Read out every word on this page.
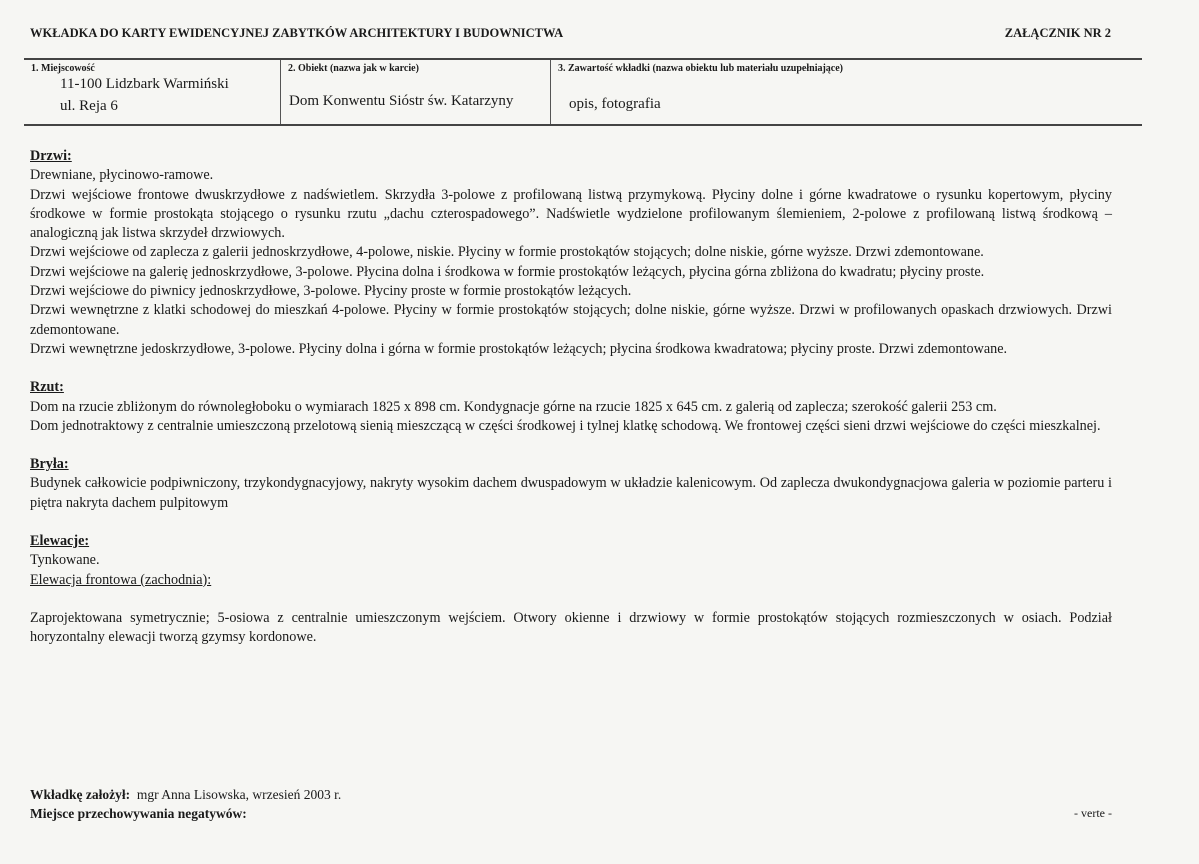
WKŁADKA DO KARTY EWIDENCYJNEJ ZABYTKÓW ARCHITEKTURY I BUDOWNICTWA	ZAŁĄCZNIK NR 2
1. Miejscowość
11-100 Lidzbark Warmiński
ul. Reja 6
2. Obiekt (nazwa jak w karcie)
Dom Konwentu Sióstr św. Katarzyny
3. Zawartość wkładki (nazwa obiektu lub materiału uzupełniające)
opis, fotografia

Drzwi:

Drewniane, płycinowo-ramowe.

Drzwi wejściowe frontowe dwuskrzydłowe z nadświetlem. Skrzydła 3-polowe z profilowaną listwą przymykową. Płyciny dolne i górne kwadratowe o rysunku kopertowym, płyciny środkowe w formie prostokąta stojącego o rysunku rzutu „dachu czterospadowego”. Nadświetle wydzielone profilowanym ślemieniem, 2-polowe z profilowaną listwą środkową – analogiczną jak listwa skrzydeł drzwiowych.

Drzwi wejściowe od zaplecza z galerii jednoskrzydłowe, 4-polowe, niskie. Płyciny w formie prostokątów stojących; dolne niskie, górne wyższe. Drzwi zdemontowane.

Drzwi wejściowe na galerię jednoskrzydłowe, 3-polowe. Płycina dolna i środkowa w formie prostokątów leżących, płycina górna zbliżona do kwadratu; płyciny proste.

Drzwi wejściowe do piwnicy jednoskrzydłowe, 3-polowe. Płyciny proste w formie prostokątów leżących.

Drzwi wewnętrzne z klatki schodowej do mieszkań 4-polowe. Płyciny w formie prostokątów stojących; dolne niskie, górne wyższe. Drzwi w profilowanych opaskach drzwiowych. Drzwi zdemontowane.

Drzwi wewnętrzne jedoskrzydłowe, 3-polowe. Płyciny dolna i górna w formie prostokątów leżących; płycina środkowa kwadratowa; płyciny proste. Drzwi zdemontowane.

Rzut:

Dom na rzucie zbliżonym do równoległoboku o wymiarach 1825 x 898 cm. Kondygnacje górne na rzucie 1825 x 645 cm. z galerią od zaplecza; szerokość galerii 253 cm.

Dom jednotraktowy z centralnie umieszczoną przelotową sienią mieszczącą w części środkowej i tylnej klatkę schodową. We frontowej części sieni drzwi wejściowe do części mieszkalnej.

Bryła:

Budynek całkowicie podpiwniczony, trzykondygnacyjowy, nakryty wysokim dachem dwuspadowym w układzie kalenicowym. Od zaplecza dwukondygnacjowa galeria w poziomie parteru i piętra nakryta dachem pulpitowym

Elewacje:

Tynkowane.

Elewacja frontowa (zachodnia):

Zaprojektowana symetrycznie; 5-osiowa z centralnie umieszczonym wejściem. Otwory okienne i drzwiowy w formie prostokątów stojących rozmieszczonych w osiach. Podział horyzontalny elewacji tworzą gzymsy kordonowe.

Wkładkę założył: mgr Anna Lisowska, wrzesień 2003 r.
Miejsce przechowywania negatywów:	- verte -
